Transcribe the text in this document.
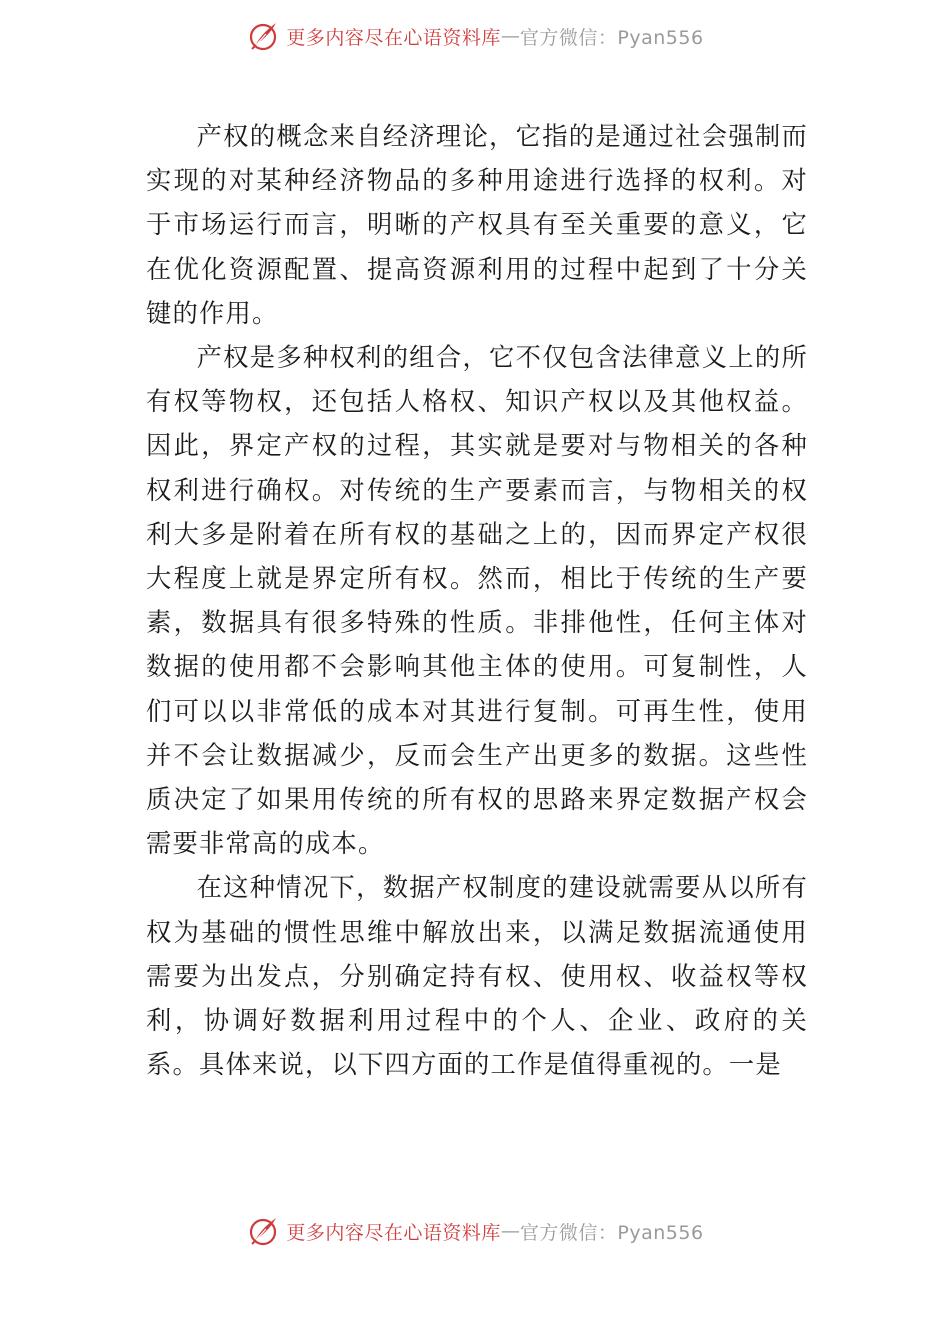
更多内容尽在心语资料库 — 官方微信：Pyan556

产权的概念来自经济理论，它指的是通过社会强制而实现的对某种经济物品的多种用途进行选择的权利。对于市场运行而言，明晰的产权具有至关重要的意义，它在优化资源配置、提高资源利用的过程中起到了十分关键的作用。

产权是多种权利的组合，它不仅包含法律意义上的所有权等物权，还包括人格权、知识产权以及其他权益。因此，界定产权的过程，其实就是要对与物相关的各种权利进行确权。对传统的生产要素而言，与物相关的权利大多是附着在所有权的基础之上的，因而界定产权很大程度上就是界定所有权。然而，相比于传统的生产要素，数据具有很多特殊的性质。非排他性，任何主体对数据的使用都不会影响其他主体的使用。可复制性，人们可以以非常低的成本对其进行复制。可再生性，使用并不会让数据减少，反而会生产出更多的数据。这些性质决定了如果用传统的所有权的思路来界定数据产权会需要非常高的成本。

在这种情况下，数据产权制度的建设就需要从以所有权为基础的惯性思维中解放出来，以满足数据流通使用需要为出发点，分别确定持有权、使用权、收益权等权利，协调好数据利用过程中的个人、企业、政府的关系。具体来说，以下四方面的工作是值得重视的。一是

更多内容尽在心语资料库 — 官方微信：Pyan556
